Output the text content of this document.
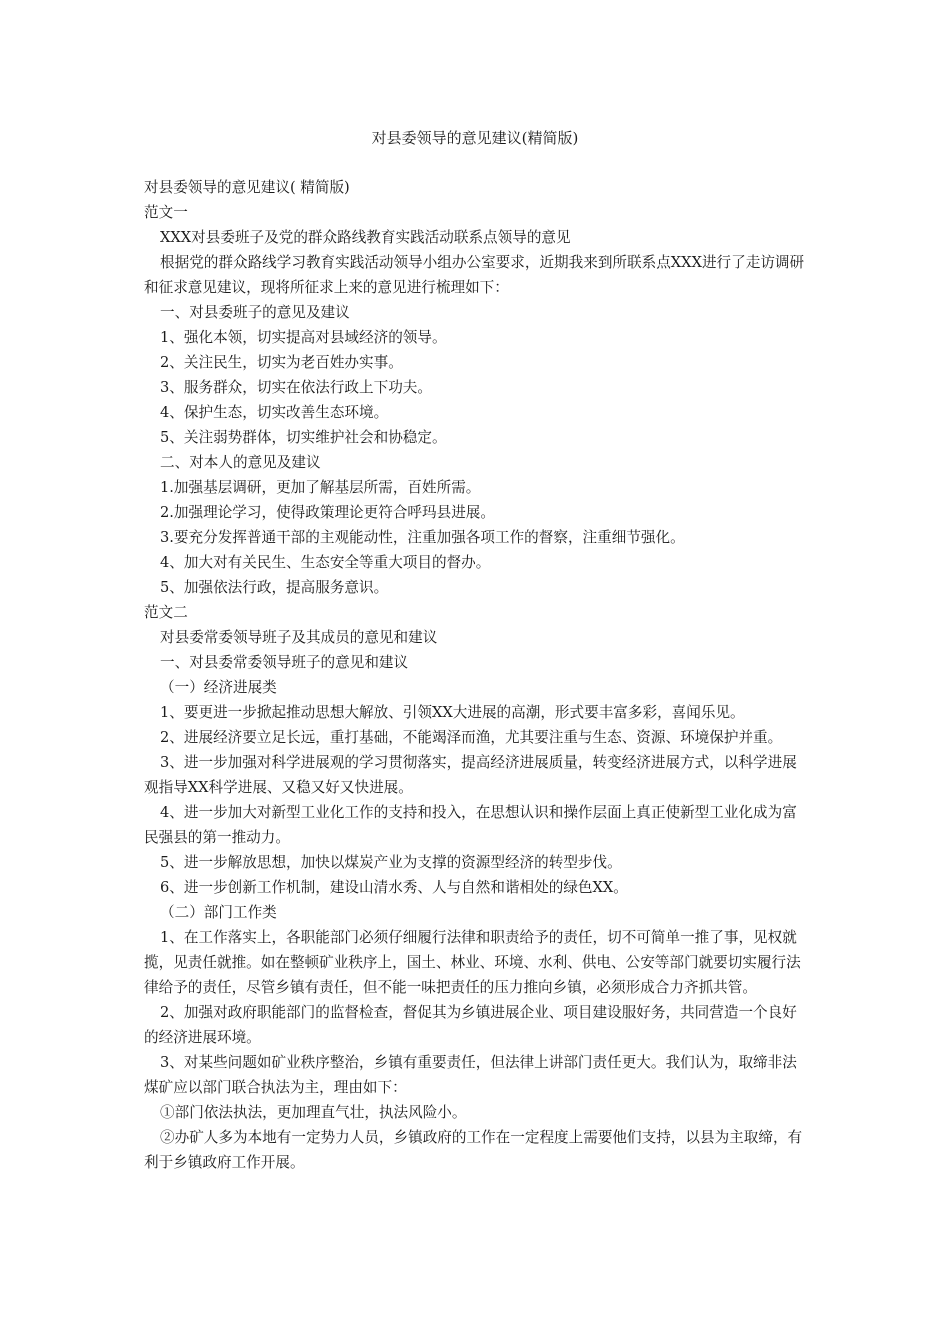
对县委领导的意见建议(精简版)

对县委领导的意见建议( 精简版)

范文一

XXX对县委班子及党的群众路线教育实践活动联系点领导的意见

根据党的群众路线学习教育实践活动领导小组办公室要求，近期我来到所联系点XXX进行了走访调研和征求意见建议，现将所征求上来的意见进行梳理如下：

一、对县委班子的意见及建议

1、强化本领，切实提高对县域经济的领导。

2、关注民生，切实为老百姓办实事。

3、服务群众，切实在依法行政上下功夫。

4、保护生态，切实改善生态环境。

5、关注弱势群体，切实维护社会和协稳定。

二、对本人的意见及建议

1.加强基层调研，更加了解基层所需，百姓所需。

2.加强理论学习，使得政策理论更符合呼玛县进展。

3.要充分发挥普通干部的主观能动性，注重加强各项工作的督察，注重细节强化。

4、加大对有关民生、生态安全等重大项目的督办。

5、加强依法行政，提高服务意识。

范文二

对县委常委领导班子及其成员的意见和建议

一、对县委常委领导班子的意见和建议

（一）经济进展类

1、要更进一步掀起推动思想大解放、引领XX大进展的高潮，形式要丰富多彩，喜闻乐见。

2、进展经济要立足长远，重打基础，不能竭泽而渔，尤其要注重与生态、资源、环境保护并重。

3、进一步加强对科学进展观的学习贯彻落实，提高经济进展质量，转变经济进展方式，以科学进展观指导XX科学进展、又稳又好又快进展。

4、进一步加大对新型工业化工作的支持和投入，在思想认识和操作层面上真正使新型工业化成为富民强县的第一推动力。

5、进一步解放思想，加快以煤炭产业为支撑的资源型经济的转型步伐。

6、进一步创新工作机制，建设山清水秀、人与自然和谐相处的绿色XX。

（二）部门工作类

1、在工作落实上，各职能部门必须仔细履行法律和职责给予的责任，切不可简单一推了事，见权就揽，见责任就推。如在整顿矿业秩序上，国土、林业、环境、水利、供电、公安等部门就要切实履行法律给予的责任，尽管乡镇有责任，但不能一味把责任的压力推向乡镇，必须形成合力齐抓共管。

2、加强对政府职能部门的监督检查，督促其为乡镇进展企业、项目建设服好务，共同营造一个良好的经济进展环境。

3、对某些问题如矿业秩序整治，乡镇有重要责任，但法律上讲部门责任更大。我们认为，取缔非法煤矿应以部门联合执法为主，理由如下：

①部门依法执法，更加理直气壮，执法风险小。

②办矿人多为本地有一定势力人员，乡镇政府的工作在一定程度上需要他们支持，以县为主取缔，有利于乡镇政府工作开展。
